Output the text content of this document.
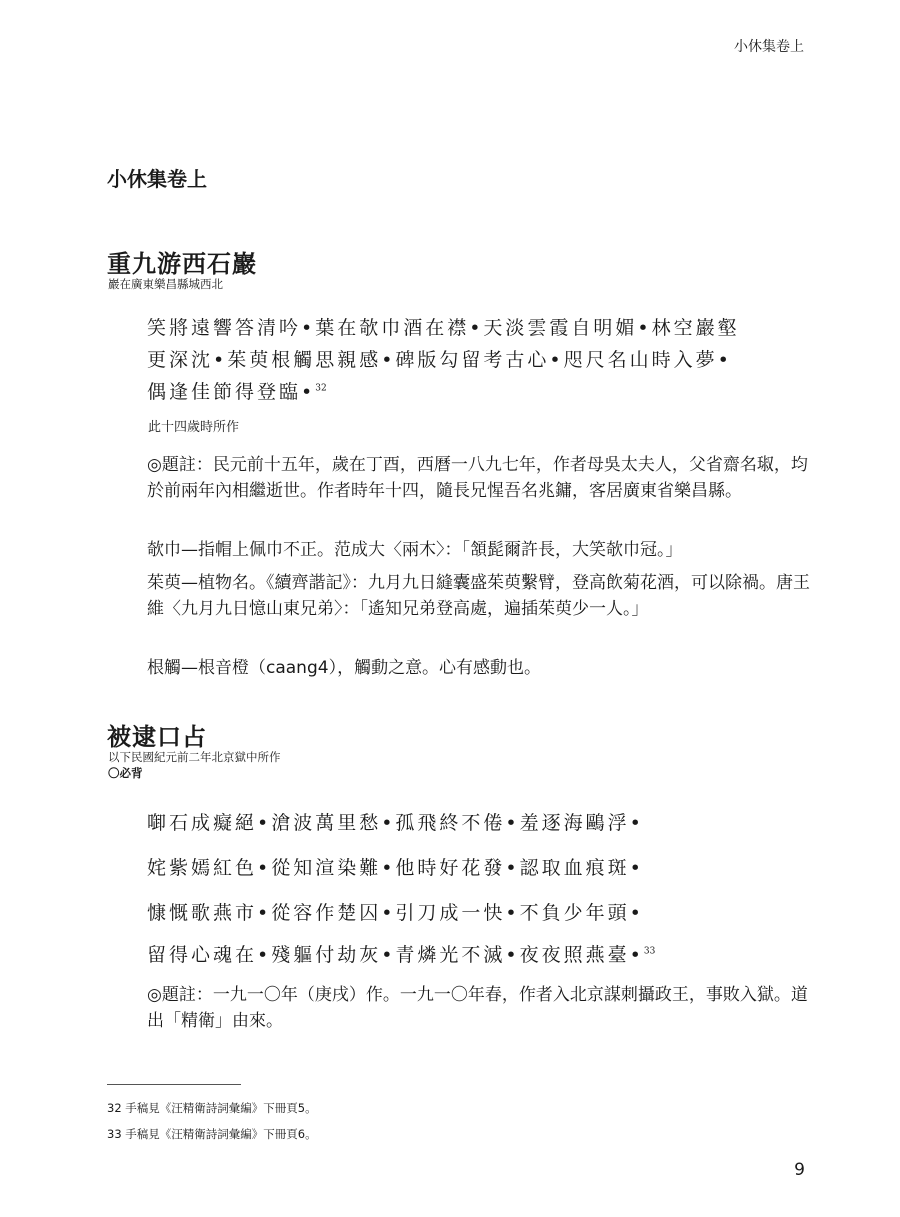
小休集卷上
小休集卷上
重九游西石巖
巖在廣東樂昌縣城西北
笑將遠響答清吟•葉在欹巾酒在襟•天淡雲霞自明媚•林空巖壑
更深沈•茱萸根觸思親感•碑版勾留考古心•咫尺名山時入夢•
偶逢佳節得登臨•$^{32}$
此十四歲時所作
◎題註：民元前十五年，歲在丁酉，西曆一八九七年，作者母吳太夫人，父省齋名琡，均於前兩年內相繼逝世。作者時年十四，隨長兄惺吾名兆鏞，客居廣東省樂昌縣。
欹巾—指帽上佩巾不正。范成大〈兩木〉：「頷髭爾許長，大笑欹巾冠。」
茱萸—植物名。《續齊諧記》：九月九日縫囊盛茱萸繫臂，登高飲菊花酒，可以除禍。唐王維〈九月九日憶山東兄弟〉：「遙知兄弟登高處，遍插茱萸少一人。」
根觸—根音橙（caang4），觸動之意。心有感動也。
被逮口占
以下民國紀元前二年北京獄中所作
〇必背
啣石成癡絕•滄波萬里愁•孤飛終不倦•羞逐海鷗浮•
姹紫嫣紅色•從知渲染難•他時好花發•認取血痕斑•
慷慨歌燕市•從容作楚囚•引刀成一快•不負少年頭•
留得心魂在•殘軀付劫灰•青燐光不滅•夜夜照燕臺•$^{33}$
◎題註：一九一〇年（庚戌）作。一九一〇年春，作者入北京謀刺攝政王，事敗入獄。道出「精衛」由來。
32 手稿見《汪精衛詩詞彙編》下冊頁5。
33 手稿見《汪精衛詩詞彙編》下冊頁6。
9
